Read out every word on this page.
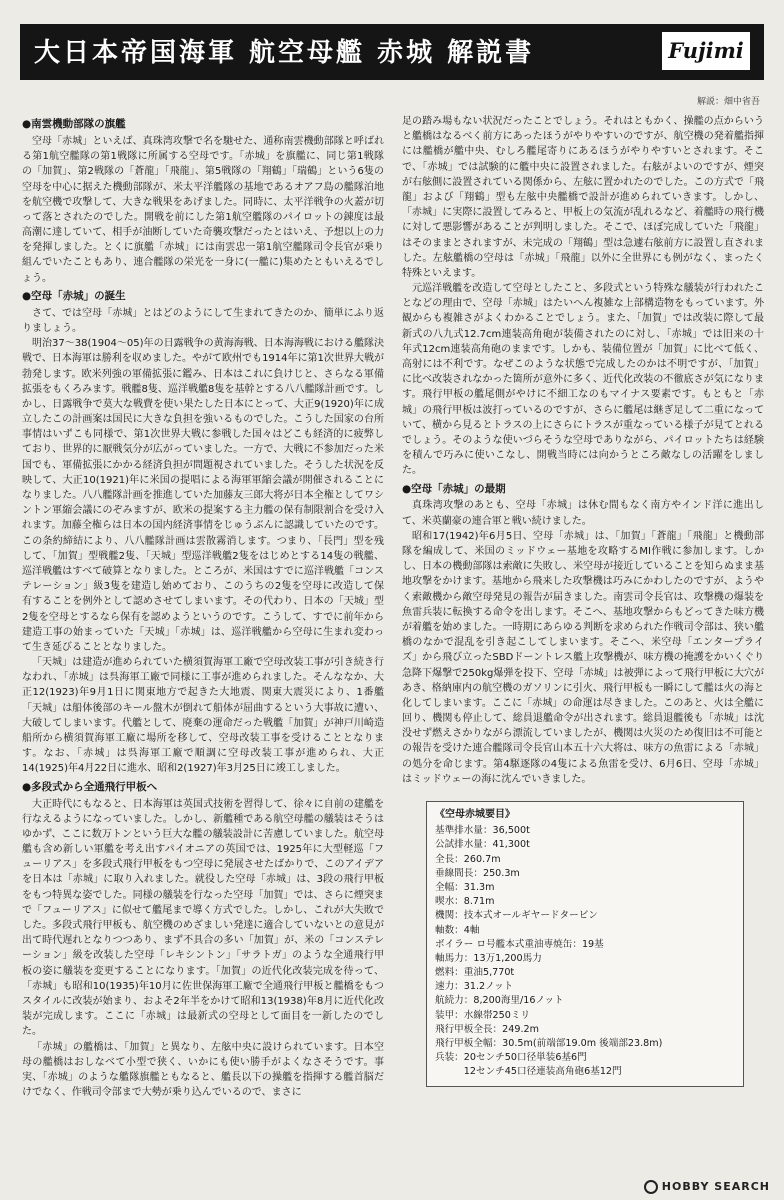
大日本帝国海軍 航空母艦 赤城 解説書	Fujimi
解説：畑中省吾
●南雲機動部隊の旗艦

空母「赤城」といえば、真珠湾攻撃で名を馳せた、通称南雲機動部隊と呼ばれる第1航空艦隊の第1戦隊に所属する空母です。「赤城」を旗艦に、同じ第1戦隊の「加賀」、第2戦隊の「蒼龍」「飛龍」、第5戦隊の「翔鶴」「瑞鶴」という6隻の空母を中心に据えた機動部隊が、米太平洋艦隊の基地であるオアフ島の艦隊泊地を航空機で攻撃して、大きな戦果をあげました。同時に、太平洋戦争の火蓋が切って落とされたのでした。開戦を前にした第1航空艦隊のパイロットの錬度は最高潮に達していて、相手が油断していた奇襲攻撃だったとはいえ、予想以上の力を発揮しました。とくに旗艦「赤城」には南雲忠一第1航空艦隊司令長官が乗り組んでいたこともあり、連合艦隊の栄光を一身に(一艦に)集めたともいえるでしょう。

●空母「赤城」の誕生

さて、では空母「赤城」とはどのようにして生まれてきたのか、簡単にふり返りましょう。

明治37～38(1904～05)年の日露戦争の黄海海戦、日本海海戦における艦隊決戦で、日本海軍は勝利を収めました。やがて欧州でも1914年に第1次世界大戦が勃発します。欧米列強の軍備拡張に鑑み、日本はこれに負けじと、さらなる軍備拡張をもくろみます。戦艦8隻、巡洋戦艦8隻を基幹とする八八艦隊計画です。しかし、日露戦争で莫大な戦費を使い果たした日本にとって、大正9(1920)年に成立したこの計画案は国民に大きな負担を強いるものでした。こうした国家の台所事情はいずこも同様で、第1次世界大戦に参戦した国々はどこも経済的に疲弊しており、世界的に厭戦気分が広がっていました。一方で、大戦に不参加だった米国でも、軍備拡張にかかる経済負担が問題視されていました。そうした状況を反映して、大正10(1921)年に米国の提唱による海軍軍縮会議が開催されることになりました。八八艦隊計画を推進していた加藤友三郎大将が日本全権としてワシントン軍縮会議にのぞみますが、欧米の提案する主力艦の保有制限割合を受け入れます。加藤全権らは日本の国内経済事情をじゅうぶんに認識していたのです。この条約締結により、八八艦隊計画は雲散霧消します。つまり、「長門」型を残して、「加賀」型戦艦2隻、「天城」型巡洋戦艦2隻をはじめとする14隻の戦艦、巡洋戦艦はすべて破算となりました。ところが、米国はすでに巡洋戦艦「コンステレーション」級3隻を建造し始めており、このうちの2隻を空母に改造して保有することを例外として認めさせてしまいます。その代わり、日本の「天城」型2隻を空母とするなら保有を認めようというのです。こうして、すでに前年から建造工事の始まっていた「天城」「赤城」は、巡洋戦艦から空母に生まれ変わって生き延びることとなりました。

「天城」は建造が進められていた横須賀海軍工廠で空母改装工事が引き続き行なわれ、「赤城」は呉海軍工廠で同様に工事が進められました。そんななか、大正12(1923)年9月1日に関東地方で起きた大地震、関東大震災により、1番艦「天城」は船体後部のキール盤木が倒れて船体が屈曲するという大事故に遭い、大破してしまいます。代艦として、廃棄の運命だった戦艦「加賀」が神戸川崎造船所から横須賀海軍工廠に場所を移して、空母改装工事を受けることとなります。なお、「赤城」は呉海軍工廠で順調に空母改装工事が進められ、大正14(1925)年4月22日に進水、昭和2(1927)年3月25日に竣工しました。

●多段式から全通飛行甲板へ

大正時代にもなると、日本海軍は英国式技術を習得して、徐々に自前の建艦を行なえるようになっていました。しかし、新艦種である航空母艦の艤装はそうはゆかず、ここに数万トンという巨大な艦の艤装設計に苦慮していました。航空母艦も含め新しい軍艦を考え出すパイオニアの英国では、1925年に大型軽巡「フューリアス」を多段式飛行甲板をもつ空母に発展させたばかりで、このアイデアを日本は「赤城」に取り入れました。就役した空母「赤城」は、3段の飛行甲板をもつ特異な姿でした。同様の艤装を行なった空母「加賀」では、さらに煙突まで「フューリアス」に似せて艦尾まで導く方式でした。しかし、これが大失敗でした。多段式飛行甲板も、航空機のめざましい発達に適合していないとの意見が出て時代遅れとなりつつあり、まず不具合の多い「加賀」が、米の「コンステレーション」級を改装した空母「レキシントン」「サラトガ」のような全通飛行甲板の姿に艤装を変更することになります。「加賀」の近代化改装完成を待って、「赤城」も昭和10(1935)年10月に佐世保海軍工廠で全通飛行甲板と艦橋をもつスタイルに改装が始まり、およそ2年半をかけて昭和13(1938)年8月に近代化改装が完成します。ここに「赤城」は最新式の空母として面目を一新したのでした。

「赤城」の艦橋は、「加賀」と異なり、左舷中央に設けられています。日本空母の艦橋はおしなべて小型で狭く、いかにも使い勝手がよくなさそうです。事実、「赤城」のような艦隊旗艦ともなると、艦長以下の操艦を指揮する艦首脳だけでなく、作戦司令部まで大勢が乗り込んでいるので、まさに

足の踏み場もない状況だったことでしょう。それはともかく、操艦の点からいうと艦橋はなるべく前方にあったほうがやりやすいのですが、航空機の発着艦指揮には艦橋が艦中央、むしろ艦尾寄りにあるほうがやりやすいとされます。そこで、「赤城」では試験的に艦中央に設置されました。右舷がよいのですが、煙突が右舷側に設置されている関係から、左舷に置かれたのでした。この方式で「飛龍」および「翔鶴」型も左舷中央艦橋で設計が進められていきます。しかし、「赤城」に実際に設置してみると、甲板上の気流が乱れるなど、着艦時の飛行機に対して悪影響があることが判明しました。そこで、ほぼ完成していた「飛龍」はそのままとされますが、未完成の「翔鶴」型は急遽右舷前方に設置し直されました。左舷艦橋の空母は「赤城」「飛龍」以外に全世界にも例がなく、まったく特殊といえます。

元巡洋戦艦を改造して空母としたこと、多段式という特殊な艤装が行われたことなどの理由で、空母「赤城」はたいへん複雑な上部構造物をもっています。外観からも複雑さがよくわかることでしょう。また、「加賀」では改装に際して最新式の八九式12.7cm連装高角砲が装備されたのに対し、「赤城」では旧来の十年式12cm連装高角砲のままです。しかも、装備位置が「加賀」に比べて低く、高射には不利です。なぜこのような状態で完成したのかは不明ですが、「加賀」に比べ改装されなかった箇所が意外に多く、近代化改装の不徹底さが気になります。飛行甲板の艦尾側がやけに不細工なのもマイナス要素です。もともと「赤城」の飛行甲板は波打っているのですが、さらに艦尾は継ぎ足して二重になっていて、横から見るとトラスの上にさらにトラスが重なっている様子が見てとれるでしょう。そのような使いづらそうな空母でありながら、パイロットたちは経験を積んで巧みに使いこなし、開戦当時には向かうところ敵なしの活躍をしました。

●空母「赤城」の最期

真珠湾攻撃のあとも、空母「赤城」は休む間もなく南方やインド洋に進出して、米英蘭豪の連合軍と戦い続けました。

昭和17(1942)年6月5日、空母「赤城」は、「加賀」「蒼龍」「飛龍」と機動部隊を編成して、米国のミッドウェー基地を攻略するMI作戦に参加します。しかし、日本の機動部隊は索敵に失敗し、米空母が接近していることを知らぬまま基地攻撃をかけます。基地から飛来した攻撃機は巧みにかわしたのですが、ようやく索敵機から敵空母発見の報告が届きました。南雲司令長官は、攻撃機の爆装を魚雷兵装に転換する命令を出します。そこへ、基地攻撃からもどってきた味方機が着艦を始めました。一時期にあらゆる判断を求められた作戦司令部は、狭い艦橋のなかで混乱を引き起こしてしまいます。そこへ、米空母「エンタープライズ」から飛び立ったSBDドーントレス艦上攻撃機が、味方機の掩護をかいくぐり急降下爆撃で250kg爆弾を投下、空母「赤城」は被弾によって飛行甲板に大穴があき、格納庫内の航空機のガソリンに引火、飛行甲板も一瞬にして艦は火の海と化してしまいます。ここに「赤城」の命運は尽きました。このあと、火は全艦に回り、機関も停止して、総員退艦命令が出されます。総員退艦後も「赤城」は沈没せず燃えさかりながら漂流していましたが、機関は火災のため復旧は不可能との報告を受けた連合艦隊司令長官山本五十六大将は、味方の魚雷による「赤城」の処分を命じます。第4駆逐隊の4隻による魚雷を受け、6月6日、空母「赤城」はミッドウェーの海に沈んでいきました。

《空母赤城要目》
基準排水量：36,500t
公試排水量：41,300t
全長：260.7m
垂線間長：250.3m
全幅：31.3m
喫水：8.71m
機関：技本式オールギヤードタービン
軸数：4軸
ボイラー ロ号艦本式重油専焼缶：19基
軸馬力：13万1,200馬力
燃料：重油5,770t
速力：31.2ノット
航続力：8,200海里/16ノット
装甲：水線帯250ミリ
飛行甲板全長：249.2m
飛行甲板全幅：30.5m(前端部19.0m 後端部23.8m)
兵装：20センチ50口径単装6基6門
　　　12センチ45口径連装高角砲6基12門
HOBBY SEARCH
